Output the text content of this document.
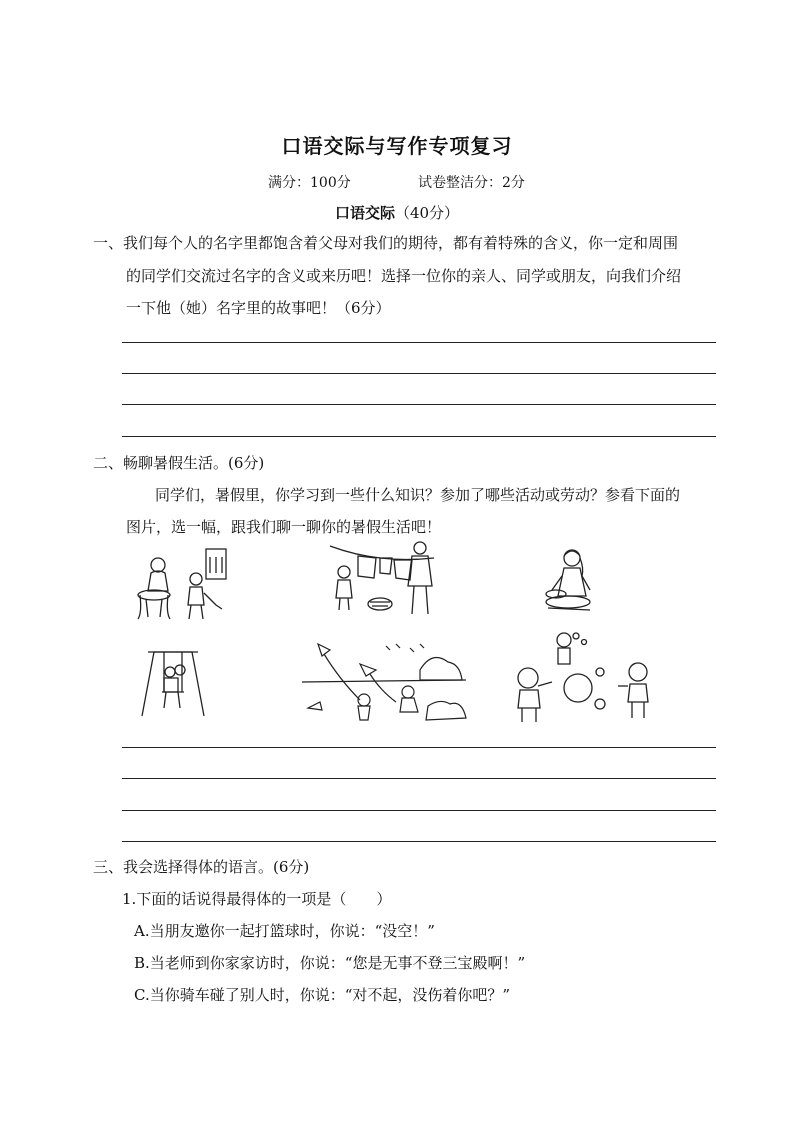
口语交际与写作专项复习
满分：100分	试卷整洁分：2分
口语交际（40分）
一、我们每个人的名字里都饱含着父母对我们的期待，都有着特殊的含义，你一定和周围
的同学们交流过名字的含义或来历吧！选择一位你的亲人、同学或朋友，向我们介绍
一下他（她）名字里的故事吧！（6分）
二、畅聊暑假生活。(6分)
同学们，暑假里，你学习到一些什么知识？参加了哪些活动或劳动？参看下面的
图片，选一幅，跟我们聊一聊你的暑假生活吧！
三、我会选择得体的语言。(6分)
1.下面的话说得最得体的一项是（　　）
A.当朋友邀你一起打篮球时，你说：“没空！”
B.当老师到你家家访时，你说：“您是无事不登三宝殿啊！”
C.当你骑车碰了别人时，你说：“对不起，没伤着你吧？”
